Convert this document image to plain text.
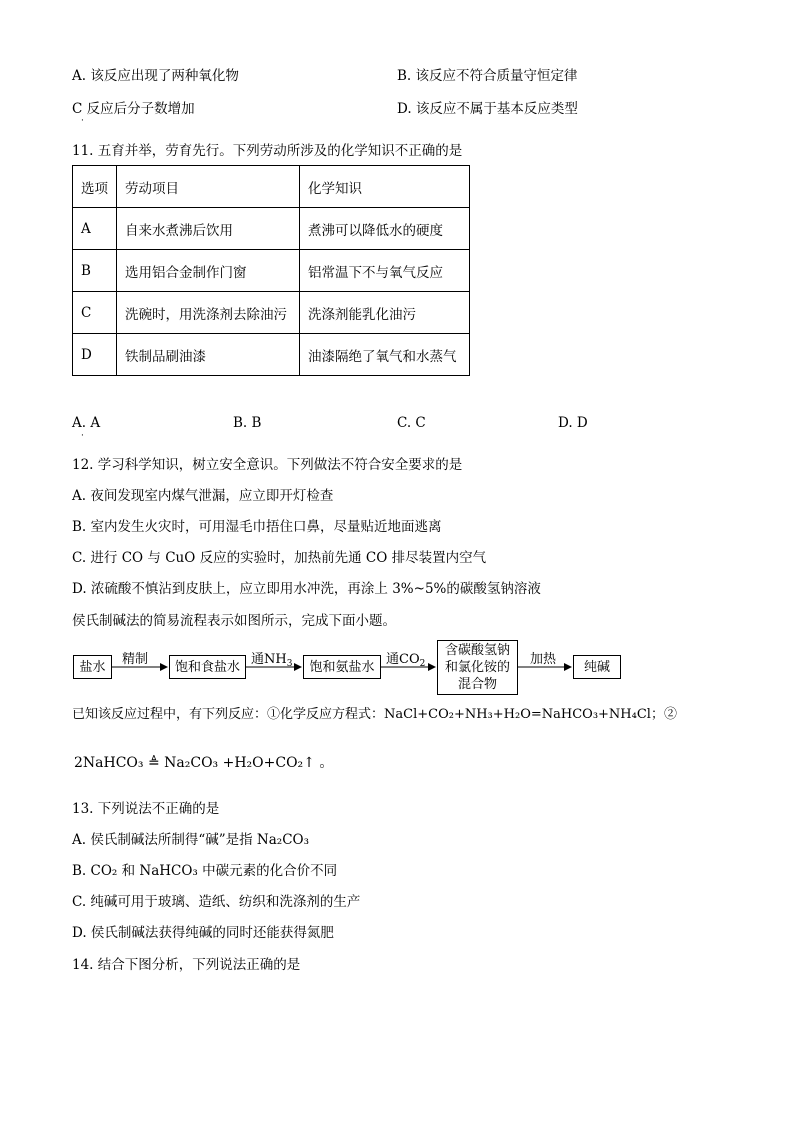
A. 该反应出现了两种氧化物	B. 该反应不符合质量守恒定律
C 反应后分子数增加
·
D. 该反应不属于基本反应类型
11. 五育并举，劳育先行。下列劳动所涉及的化学知识不正确的是
选项	劳动项目	化学知识
A	自来水煮沸后饮用	煮沸可以降低水的硬度
B	选用铝合金制作门窗	铝常温下不与氧气反应
C	洗碗时，用洗涤剂去除油污	洗涤剂能乳化油污
D	铁制品刷油漆	油漆隔绝了氧气和水蒸气
A. A
·
B. B	C. C	D. D
12. 学习科学知识，树立安全意识。下列做法不符合安全要求的是
A. 夜间发现室内煤气泄漏，应立即开灯检查
B. 室内发生火灾时，可用湿毛巾捂住口鼻，尽量贴近地面逃离
C. 进行 CO 与 CuO 反应的实验时，加热前先通 CO 排尽装置内空气
D. 浓硫酸不慎沾到皮肤上，应立即用水冲洗，再涂上 3%~5%的碳酸氢钠溶液
侯氏制碱法的简易流程表示如图所示，完成下面小题。
盐水	精制	饱和食盐水 通$NH_3$	饱和氨盐水 通$CO_2$
含碳酸氢钠
和氯化铵的
混合物
加热	纯碱
已知该反应过程中，有下列反应：①化学反应方程式：NaCl+CO₂+NH₃+H₂O=NaHCO₃+NH₄Cl；②
2NaHCO₃ ≜ Na₂CO₃ +H₂O+CO₂↑ 。
13. 下列说法不正确的是
A. 侯氏制碱法所制得“碱”是指 Na₂CO₃
B. CO₂ 和 NaHCO₃ 中碳元素的化合价不同
C. 纯碱可用于玻璃、造纸、纺织和洗涤剂的生产
D. 侯氏制碱法获得纯碱的同时还能获得氮肥
14. 结合下图分析，下列说法正确的是
